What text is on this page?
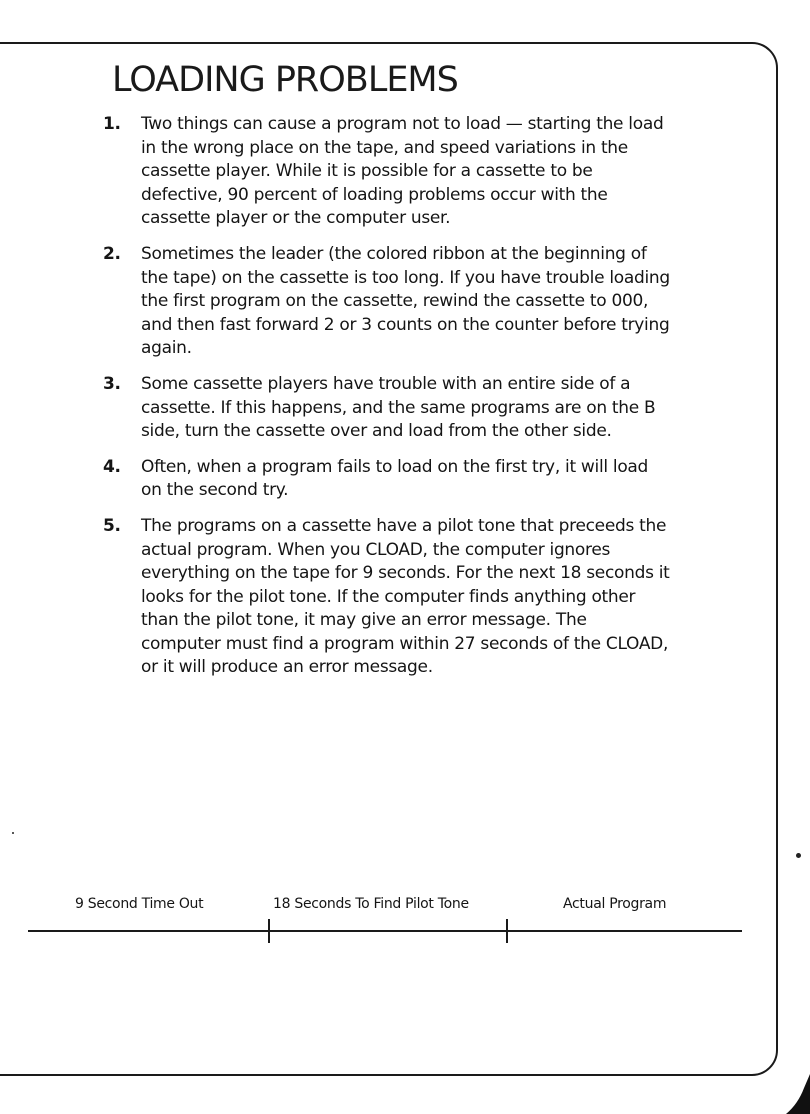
LOADING PROBLEMS
1. Two things can cause a program not to load — starting the load in the wrong place on the tape, and speed variations in the cassette player. While it is possible for a cassette to be defective, 90 percent of loading problems occur with the cassette player or the computer user.
2. Sometimes the leader (the colored ribbon at the beginning of the tape) on the cassette is too long. If you have trouble loading the first program on the cassette, rewind the cassette to 000, and then fast forward 2 or 3 counts on the counter before trying again.
3. Some cassette players have trouble with an entire side of a cassette. If this happens, and the same programs are on the B side, turn the cassette over and load from the other side.
4. Often, when a program fails to load on the first try, it will load on the second try.
5. The programs on a cassette have a pilot tone that preceeds the actual program. When you CLOAD, the computer ignores everything on the tape for 9 seconds. For the next 18 seconds it looks for the pilot tone. If the computer finds anything other than the pilot tone, it may give an error message. The computer must find a program within 27 seconds of the CLOAD, or it will produce an error message.
9 Second Time Out	18 Seconds To Find Pilot Tone	Actual Program
